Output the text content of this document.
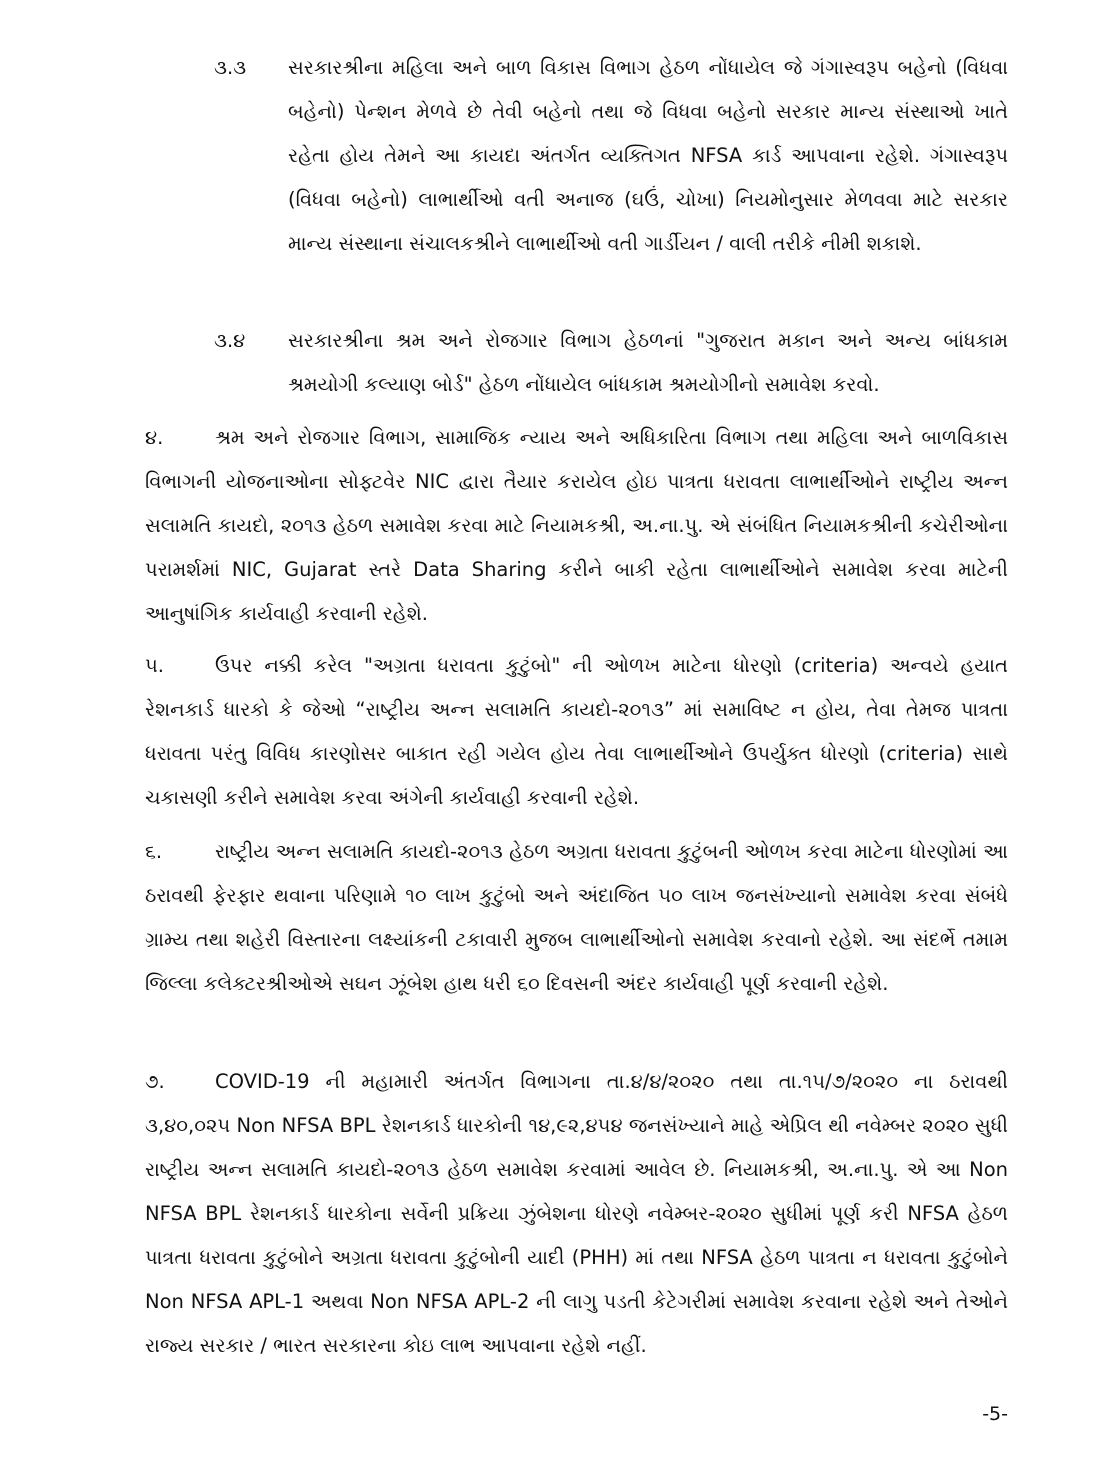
૩.૩ સરકારશ્રીના મહિલા અને બાળ વિકાસ વિભાગ હેઠળ નોંધાયેલ જે ગંગાસ્વરૂપ બહેનો (વિધવા બહેનો) પેન્શન મેળવે છે તેવી બહેનો તથા જે વિધવા બહેનો સરકાર માન્ય સંસ્થાઓ ખાતે રહેતા હોય તેમને આ કાયદા અંતર્ગત વ્યક્તિગત NFSA કાર્ડ આપવાના રહેશે. ગંગાસ્વરૂપ (વિધવા બહેનો) લાભાર્થીઓ વતી અનાજ (ઘઉં, ચોખા) નિયમોનુસાર મેળવવા માટે સરકાર માન્ય સંસ્થાના સંચાલકશ્રીને લાભાર્થીઓ વતી ગાર્ડીયન / વાલી તરીકે નીમી શકાશે.

૩.૪ સરકારશ્રીના શ્રમ અને રોજગાર વિભાગ હેઠળનાં "ગુજરાત મકાન અને અન્ય બાંધકામ શ્રમયોગી કલ્યાણ બોર્ડ" હેઠળ નોંધાયેલ બાંધકામ શ્રમયોગીનો સમાવેશ કરવો.

૪.	શ્રમ અને રોજગાર વિભાગ, સામાજિક ન્યાય અને અધિકારિતા વિભાગ તથા મહિલા અને બાળવિકાસ વિભાગની યોજનાઓના સોફ્ટવેર NIC દ્વારા તૈયાર કરાયેલ હોઇ પાત્રતા ધરાવતા લાભાર્થીઓને રાષ્ટ્રીય અન્ન સલામતિ કાયદો, ૨૦૧૩ હેઠળ સમાવેશ કરવા માટે નિયામકશ્રી, અ.ના.પુ. એ સંબંધિત નિયામકશ્રીની કચેરીઓના પરામર્શમાં NIC, Gujarat સ્તરે Data Sharing કરીને બાકી રહેતા લાભાર્થીઓને સમાવેશ કરવા માટેની આનુષાંગિક કાર્યવાહી કરવાની રહેશે.

૫.	ઉપર નક્કી કરેલ "અગ્રતા ધરાવતા કુટુંબો" ની ઓળખ માટેના ધોરણો (criteria) અન્વયે હયાત રેશનકાર્ડ ધારકો કે જેઓ “રાષ્ટ્રીય અન્ન સલામતિ કાયદો-૨૦૧૩” માં સમાવિષ્ટ ન હોય, તેવા તેમજ પાત્રતા ધરાવતા પરંતુ વિવિધ કારણોસર બાકાત રહી ગયેલ હોય તેવા લાભાર્થીઓને ઉપર્યુક્ત ધોરણો (criteria) સાથે ચકાસણી કરીને સમાવેશ કરવા અંગેની કાર્યવાહી કરવાની રહેશે.

૬.	રાષ્ટ્રીય અન્ન સલામતિ કાયદો-૨૦૧૩ હેઠળ અગ્રતા ધરાવતા કુટુંબની ઓળખ કરવા માટેના ધોરણોમાં આ ઠરાવથી ફેરફાર થવાના પરિણામે ૧૦ લાખ કુટુંબો અને અંદાજિત ૫૦ લાખ જનસંખ્યાનો સમાવેશ કરવા સંબંધે ગ્રામ્ય તથા શહેરી વિસ્તારના લક્ષ્યાંકની ટકાવારી મુજબ લાભાર્થીઓનો સમાવેશ કરવાનો રહેશે. આ સંદર્ભે તમામ જિલ્લા કલેક્ટરશ્રીઓએ સઘન ઝૂંબેશ હાથ ધરી ૬૦ દિવસની અંદર કાર્યવાહી પૂર્ણ કરવાની રહેશે.

૭.	COVID-19 ની મહામારી અંતર્ગત વિભાગના તા.૪/૪/૨૦૨૦ તથા તા.૧૫/૭/૨૦૨૦ ના ઠરાવથી ૩,૪૦,૦૨૫ Non NFSA BPL રેશનકાર્ડ ધારકોની ૧૪,૯૨,૪૫૪ જનસંખ્યાને માહે એપ્રિલ થી નવેમ્બર ૨૦૨૦ સુધી રાષ્ટ્રીય અન્ન સલામતિ કાયદો-૨૦૧૩ હેઠળ સમાવેશ કરવામાં આવેલ છે. નિયામકશ્રી, અ.ના.પુ. એ આ Non NFSA BPL રેશનકાર્ડ ધારકોના સર્વેની પ્રક્રિયા ઝુંબેશના ધોરણે નવેમ્બર-૨૦૨૦ સુધીમાં પૂર્ણ કરી NFSA હેઠળ પાત્રતા ધરાવતા કુટુંબોને અગ્રતા ધરાવતા કુટુંબોની યાદી (PHH) માં તથા NFSA હેઠળ પાત્રતા ન ધરાવતા કુટુંબોને Non NFSA APL-1 અથવા Non NFSA APL-2 ની લાગુ પડતી કેટેગરીમાં સમાવેશ કરવાના રહેશે અને તેઓને રાજ્ય સરકાર / ભારત સરકારના કોઇ લાભ આપવાના રહેશે નહીં.

-5-
